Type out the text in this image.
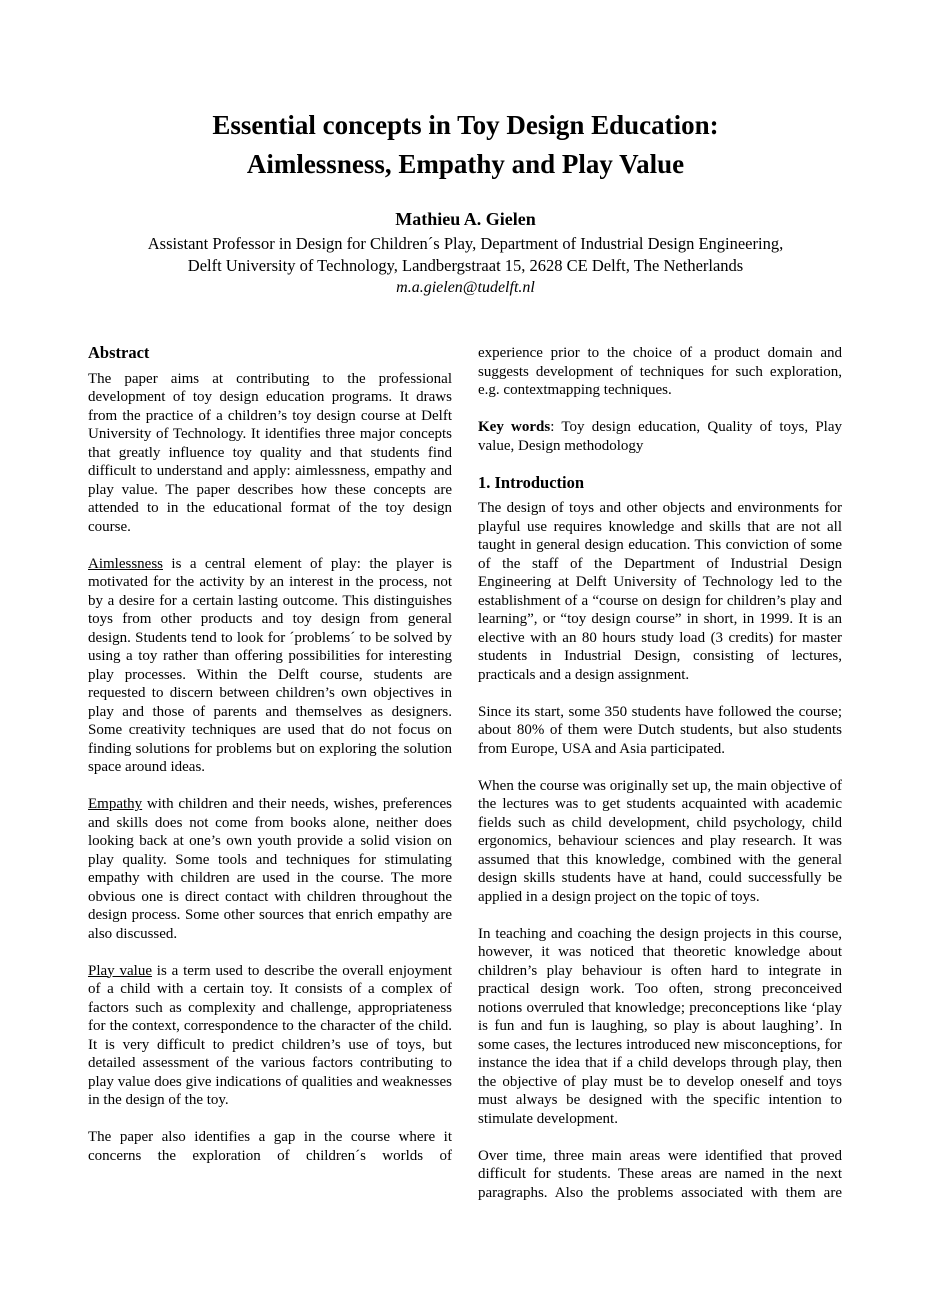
Essential concepts in Toy Design Education:
Aimlessness, Empathy and Play Value
Mathieu A. Gielen
Assistant Professor in Design for Children´s Play, Department of Industrial Design Engineering,
Delft University of Technology, Landbergstraat 15, 2628 CE Delft, The Netherlands
m.a.gielen@tudelft.nl
Abstract

The paper aims at contributing to the professional development of toy design education programs. It draws from the practice of a children’s toy design course at Delft University of Technology. It identifies three major concepts that greatly influence toy quality and that students find difficult to understand and apply: aimlessness, empathy and play value. The paper describes how these concepts are attended to in the educational format of the toy design course.

Aimlessness is a central element of play: the player is motivated for the activity by an interest in the process, not by a desire for a certain lasting outcome. This distinguishes toys from other products and toy design from general design. Students tend to look for ´problems´ to be solved by using a toy rather than offering possibilities for interesting play processes. Within the Delft course, students are requested to discern between children’s own objectives in play and those of parents and themselves as designers. Some creativity techniques are used that do not focus on finding solutions for problems but on exploring the solution space around ideas.

Empathy with children and their needs, wishes, preferences and skills does not come from books alone, neither does looking back at one’s own youth provide a solid vision on play quality. Some tools and techniques for stimulating empathy with children are used in the course. The more obvious one is direct contact with children throughout the design process. Some other sources that enrich empathy are also discussed.

Play value is a term used to describe the overall enjoyment of a child with a certain toy. It consists of a complex of factors such as complexity and challenge, appropriateness for the context, correspondence to the character of the child. It is very difficult to predict children’s use of toys, but detailed assessment of the various factors contributing to play value does give indications of qualities and weaknesses in the design of the toy.

The paper also identifies a gap in the course where it concerns the exploration of children´s worlds of

experience prior to the choice of a product domain and suggests development of techniques for such exploration, e.g. contextmapping techniques.

Key words: Toy design education, Quality of toys, Play value, Design methodology

1. Introduction

The design of toys and other objects and environments for playful use requires knowledge and skills that are not all taught in general design education. This conviction of some of the staff of the Department of Industrial Design Engineering at Delft University of Technology led to the establishment of a “course on design for children’s play and learning”, or “toy design course” in short, in 1999. It is an elective with an 80 hours study load (3 credits) for master students in Industrial Design, consisting of lectures, practicals and a design assignment.

Since its start, some 350 students have followed the course; about 80% of them were Dutch students, but also students from Europe, USA and Asia participated.

When the course was originally set up, the main objective of the lectures was to get students acquainted with academic fields such as child development, child psychology, child ergonomics, behaviour sciences and play research. It was assumed that this knowledge, combined with the general design skills students have at hand, could successfully be applied in a design project on the topic of toys.

In teaching and coaching the design projects in this course, however, it was noticed that theoretic knowledge about children’s play behaviour is often hard to integrate in practical design work. Too often, strong preconceived notions overruled that knowledge; preconceptions like ‘play is fun and fun is laughing, so play is about laughing’. In some cases, the lectures introduced new misconceptions, for instance the idea that if a child develops through play, then the objective of play must be to develop oneself and toys must always be designed with the specific intention to stimulate development.

Over time, three main areas were identified that proved difficult for students. These areas are named in the next paragraphs. Also the problems associated with them are
